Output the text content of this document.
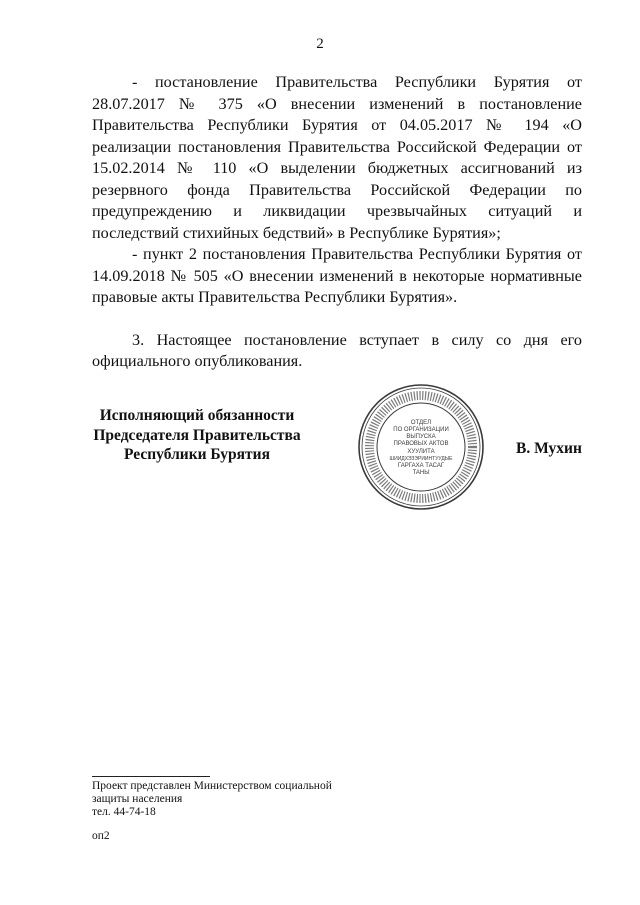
2

- постановление Правительства Республики Бурятия от 28.07.2017 № 375 «О внесении изменений в постановление Правительства Республики Бурятия от 04.05.2017 № 194 «О реализации постановления Правительства Российской Федерации от 15.02.2014 № 110 «О выделении бюджетных ассигнований из резервного фонда Правительства Российской Федерации по предупреждению и ликвидации чрезвычайных ситуаций и последствий стихийных бедствий» в Республике Бурятия»;

- пункт 2 постановления Правительства Республики Бурятия от 14.09.2018 № 505 «О внесении изменений в некоторые нормативные правовые акты Правительства Республики Бурятия».

3. Настоящее постановление вступает в силу со дня его официального опубликования.

Исполняющий обязанности
Председателя Правительства
Республики Бурятия
ОТДЕЛ
ПО ОРГАНИЗАЦИИ
ВЫПУСКА
ПРАВОВЫХ АКТОВ
ХУУЛИТА
ШИИДХЭЗЭРИИНТУУДЫЕ
ГАРГАХА ТАСАГ
ТАНЫ
В. Мухин
Проект представлен Министерством социальной
защиты населения
тел. 44-74-18
оп2
